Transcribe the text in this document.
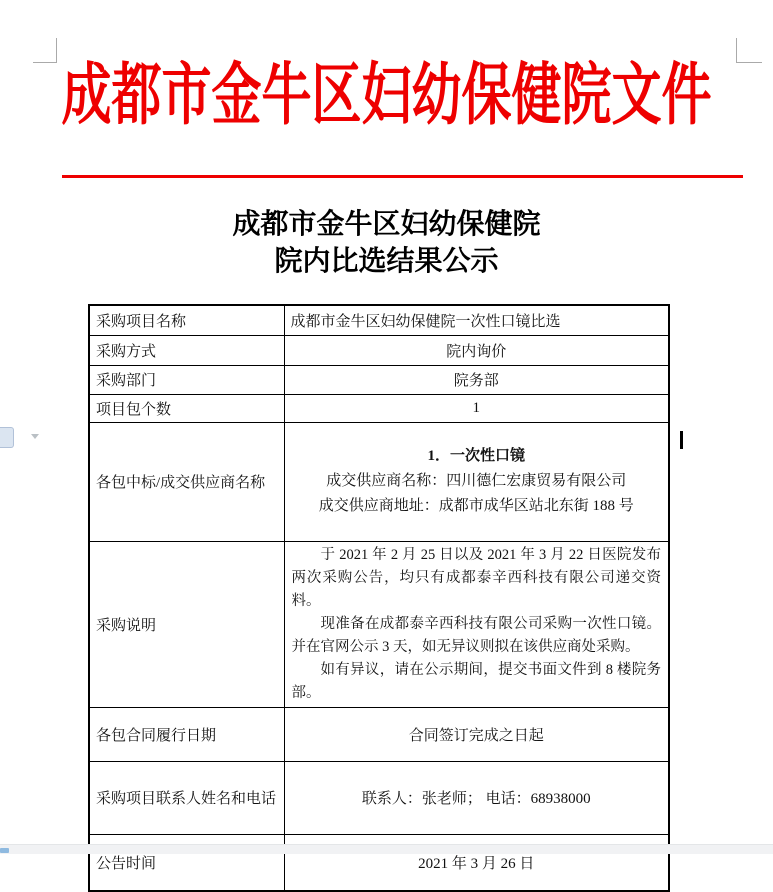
成都市金牛区妇幼保健院文件
成都市金牛区妇幼保健院
院内比选结果公示
采购项目名称	成都市金牛区妇幼保健院一次性口镜比选
采购方式	院内询价
采购部门	院务部
项目包个数	1
各包中标/成交供应商名称	1．一次性口镜
成交供应商名称：四川德仁宏康贸易有限公司
成交供应商地址：成都市成华区站北东街 188 号

采购说明	于 2021 年 2 月 25 日以及 2021 年 3 月 22 日医院发布两次采购公告，均只有成都泰辛西科技有限公司递交资料。

现准备在成都泰辛西科技有限公司采购一次性口镜。并在官网公示 3 天，如无异议则拟在该供应商处采购。

如有异议，请在公示期间，提交书面文件到 8 楼院务部。

各包合同履行日期	合同签订完成之日起
采购项目联系人姓名和电话	联系人：张老师； 电话：68938000
公告时间	2021 年 3 月 26 日
